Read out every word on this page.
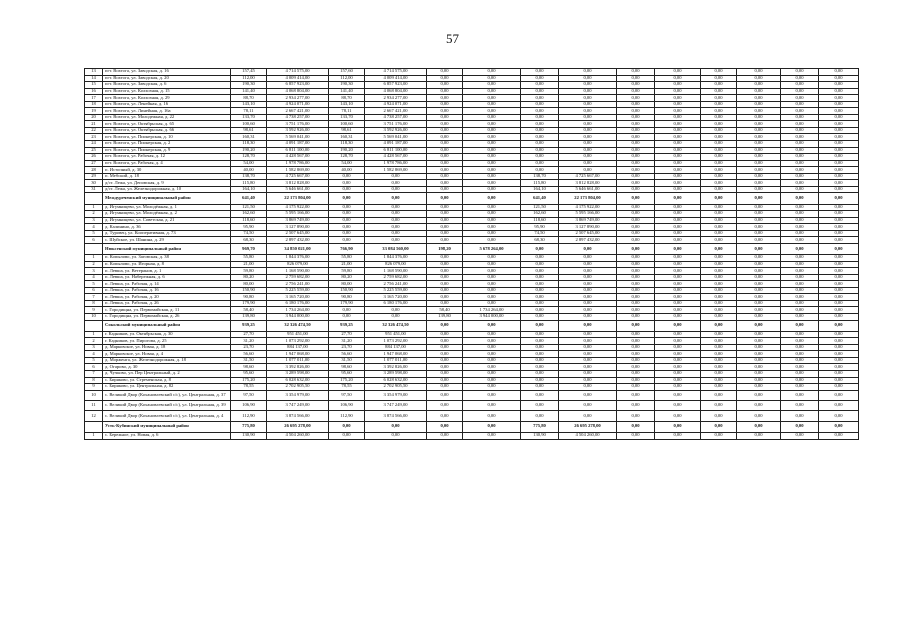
57
13	пгт. Вохтога, ул. Заводская, д. 16	157,45	4 714 575,00	157,60	4 714 575,00	0,00	0,00	0,00	0,00	0,00	0,00	0,00	0,00	0,00	0,00
14	пгт. Вохтога, ул. Заводская, д. 20	112,00	4 009 414,00	112,00	4 009 414,00	0,00	0,00	0,00	0,00	0,00	0,00	0,00	0,00	0,00	0,00
15	пгт. Вохтога, ул. Заводская, д. 6	190,30	6 857 923,00	190,30	6 857 923,00	0,00	0,00	0,00	0,00	0,00	0,00	0,00	0,00	0,00	0,00
16	пгт. Вохтога, ул. Колхозная, д. 15	141,40	4 068 804,00	141,40	4 068 804,00	0,00	0,00	0,00	0,00	0,00	0,00	0,00	0,00	0,00	0,00
17	пгт. Вохтога, ул. Колхозная, д. 29	88,70	2 934 277,00	88,70	2 934 277,00	0,00	0,00	0,00	0,00	0,00	0,00	0,00	0,00	0,00	0,00
18	пгт. Вохтога, ул. Ленейная, д. 16	143,10	4 924 071,00	143,10	4 924 071,00	0,00	0,00	0,00	0,00	0,00	0,00	0,00	0,00	0,00	0,00
19	пгт. Вохтога, ул. Линейная, д. 16а	78,11	2 667 421,00	78,11	2 667 421,00	0,00	0,00	0,00	0,00	0,00	0,00	0,00	0,00	0,00	0,00
20	пгт. Вохтога, ул. Молодежная, д. 22	133,70	4 738 257,00	133,70	4 738 257,00	0,00	0,00	0,00	0,00	0,00	0,00	0,00	0,00	0,00	0,00
21	пгт. Вохтога, ул. Октябрьская, д. 65	100,60	3 751 176,00	100,60	3 751 176,00	0,00	0,00	0,00	0,00	0,00	0,00	0,00	0,00	0,00	0,00
22	пгт. Вохтога, ул. Октябрьская, д. 66	98,61	3 592 926,00	98,61	3 592 926,00	0,00	0,00	0,00	0,00	0,00	0,00	0,00	0,00	0,00	0,00
23	пгт. Вохтога, ул. Пионерская, д. 10	160,31	5 569 041,00	160,31	5 569 041,00	0,00	0,00	0,00	0,00	0,00	0,00	0,00	0,00	0,00	0,00
24	пгт. Вохтога, ул. Пионерская, д. 2	118,30	4 091 187,00	118,30	4 091 187,00	0,00	0,00	0,00	0,00	0,00	0,00	0,00	0,00	0,00	0,00
25	пгт. Вохтога, ул. Пионерская, д. 9	190,20	6 811 100,00	190,20	6 811 100,00	0,00	0,00	0,00	0,00	0,00	0,00	0,00	0,00	0,00	0,00
26	пгт. Вохтога, ул. Рабочая, д. 12	128,70	4 428 567,00	128,70	4 428 567,00	0,00	0,00	0,00	0,00	0,00	0,00	0,00	0,00	0,00	0,00
27	пгт. Вохтога, ул. Рабочая, д. 4	54,00	1 978 786,00	54,00	1 978 786,00	0,00	0,00	0,00	0,00	0,00	0,00	0,00	0,00	0,00	0,00
28	п. Истопный, д. 30	40,00	1 582 869,00	40,00	1 582 869,00	0,00	0,00	0,00	0,00	0,00	0,00	0,00	0,00	0,00	0,00
29	п. Мебский, д. 18	138,70	4 725 667,00	0,00	0,00	0,00	0,00	138,70	4 725 667,00	0,00	0,00	0,00	0,00	0,00	0,00
30	д/ст. Лежа, ул. Деповская, д. 9	115,80	3 812 828,00	0,00	0,00	0,00	0,00	115,80	3 812 828,00	0,00	0,00	0,00	0,00	0,00	0,00
31	д/ст. Лежа, ул. Железнодорожная, д. 10	164,10	5 646 661,00	0,00	0,00	0,00	0,00	164,10	5 646 661,00	0,00	0,00	0,00	0,00	0,00	0,00
	Междуреченский муниципальный район	641,40	22 173 804,00	0,00	0,00	0,00	0,00	641,40	22 173 804,00	0,00	0,00	0,00	0,00	0,00	0,00
1	д. Игумницево, ул. Молодёжная, д. 1	121,50	4 175 922,00	0,00	0,00	0,00	0,00	121,50	4 175 922,00	0,00	0,00	0,00	0,00	0,00	0,00
2	д. Игумницево, ул. Молодёжная, д. 2	162,60	5 595 166,00	0,00	0,00	0,00	0,00	162,60	5 595 166,00	0,00	0,00	0,00	0,00	0,00	0,00
3	д. Игумницево, ул. Советская, д. 21	118,60	3 869 749,00	0,00	0,00	0,00	0,00	118,60	3 869 749,00	0,00	0,00	0,00	0,00	0,00	0,00
4	д. Калинино, д. 36	95,90	3 127 890,00	0,00	0,00	0,00	0,00	95,90	3 127 890,00	0,00	0,00	0,00	0,00	0,00	0,00
5	д. Туровец, ул. Кооперативная, д. 73	74,50	2 507 645,00	0,00	0,00	0,00	0,00	74,50	2 507 645,00	0,00	0,00	0,00	0,00	0,00	0,00
6	с. Шуйское, ул. Шанина, д. 29	68,30	2 897 432,00	0,00	0,00	0,00	0,00	68,30	2 897 432,00	0,00	0,00	0,00	0,00	0,00	0,00
	Нюксенский муниципальный район	969,70	34 850 021,00	766,90	33 084 560,00	198,20	5 678 264,00	0,00	0,00	0,00	0,00	0,00	0,00	0,00	0,00
1	п. Копылово, ул. Заговская, д. 38	55,80	1 844 376,00	55,80	1 844 376,00	0,00	0,00	0,00	0,00	0,00	0,00	0,00	0,00	0,00	0,00
2	п. Копылово, ул. Игорная, д. 8	21,00	826 079,00	21,00	826 079,00	0,00	0,00	0,00	0,00	0,00	0,00	0,00	0,00	0,00	0,00
3	п. Левша, ул. Ветеранов, д. 1	59,80	1 168 590,00	59,80	1 168 590,00	0,00	0,00	0,00	0,00	0,00	0,00	0,00	0,00	0,00	0,00
4	п. Левша, ул. Набережная, д. 6	80,20	2 759 682,00	80,20	2 759 682,00	0,00	0,00	0,00	0,00	0,00	0,00	0,00	0,00	0,00	0,00
5	п. Левша, ул. Рабочая, д. 14	80,00	2 756 241,00	80,00	2 756 241,00	0,00	0,00	0,00	0,00	0,00	0,00	0,00	0,00	0,00	0,00
6	п. Левша, ул. Рабочая, д. 16	150,90	5 225 559,00	150,90	5 225 559,00	0,00	0,00	0,00	0,00	0,00	0,00	0,00	0,00	0,00	0,00
7	п. Левша, ул. Рабочая, д. 20	90,80	3 165 720,00	90,80	3 165 720,00	0,00	0,00	0,00	0,00	0,00	0,00	0,00	0,00	0,00	0,00
8	п. Левша, ул. Рабочая, д. 26	179,90	6 180 176,00	179,90	6 180 176,00	0,00	0,00	0,00	0,00	0,00	0,00	0,00	0,00	0,00	0,00
9	с. Городищна, ул. Первомайская, д. 11	58,40	1 734 264,00	0,00	0,00	58,40	1 734 264,00	0,00	0,00	0,00	0,00	0,00	0,00	0,00	0,00
10	с. Городищна, ул. Первомайская, д. 26	139,80	3 944 000,00	0,00	0,00	139,80	3 944 000,00	0,00	0,00	0,00	0,00	0,00	0,00	0,00	0,00
	Сокольский муниципальный район	939,25	32 326 474,50	939,25	32 326 474,50	0,00	0,00	0,00	0,00	0,00	0,00	0,00	0,00	0,00	0,00
1	г. Кадников, ул. Октябрьская, д. 30	27,70	951 451,00	27,70	951 451,00	0,00	0,00	0,00	0,00	0,00	0,00	0,00	0,00	0,00	0,00
2	г. Кадников, ул. Пирогова, д. 25	31,20	1 073 292,00	31,20	1 073 292,00	0,00	0,00	0,00	0,00	0,00	0,00	0,00	0,00	0,00	0,00
3	д. Марковское, ул. Новая, д. 18	23,70	884 137,00	23,70	884 137,00	0,00	0,00	0,00	0,00	0,00	0,00	0,00	0,00	0,00	0,00
4	д. Марковское, ул. Новая, д. 4	56,60	1 947 068,00	56,60	1 947 068,00	0,00	0,00	0,00	0,00	0,00	0,00	0,00	0,00	0,00	0,00
5	д. Морженга, ул. Железнодорожная, д. 18	31,50	1 077 011,00	31,50	1 077 011,00	0,00	0,00	0,00	0,00	0,00	0,00	0,00	0,00	0,00	0,00
6	д. Огарово, д. 30	98,60	3 392 826,00	98,60	3 392 826,00	0,00	0,00	0,00	0,00	0,00	0,00	0,00	0,00	0,00	0,00
7	д. Чучково, ул. Пер Центральный, д. 2	95,60	3 289 598,00	95,60	3 289 598,00	0,00	0,00	0,00	0,00	0,00	0,00	0,00	0,00	0,00	0,00
8	с. Биряково, ул. Стременская, д. 8	175,20	6 028 632,00	175,20	6 028 632,00	0,00	0,00	0,00	0,00	0,00	0,00	0,00	0,00	0,00	0,00
9	с. Биряково, ул. Центральная, д. 82	78,55	2 702 905,50	78,55	2 702 905,50	0,00	0,00	0,00	0,00	0,00	0,00	0,00	0,00	0,00	0,00
10	с. Великий Двор (Кохановлевский с/с), ул. Центральная, д. 37	97,50	3 354 979,00	97,50	3 354 979,00	0,00	0,00	0,00	0,00	0,00	0,00	0,00	0,00	0,00	0,00
11	с. Великий Двор (Кохановлевский с/с), ул. Центральная, д. 39	106,90	3 747 249,00	106,90	3 747 249,00	0,00	0,00	0,00	0,00	0,00	0,00	0,00	0,00	0,00	0,00
12	с. Великий Двор (Кохановлевский с/с), ул. Центральная, д. 4	112,90	3 874 566,00	112,90	3 874 566,00	0,00	0,00	0,00	0,00	0,00	0,00	0,00	0,00	0,00	0,00
	Усть-Кубинский муниципальный район	775,80	26 695 278,00	0,00	0,00	0,00	0,00	775,80	26 695 278,00	0,00	0,00	0,00	0,00	0,00	0,00
1	с. Бережное, ул. Новая, д. 6	130,90	4 504 260,00	0,00	0,00	0,00	0,00	130,90	4 504 260,00	0,00	0,00	0,00	0,00	0,00	0,00
